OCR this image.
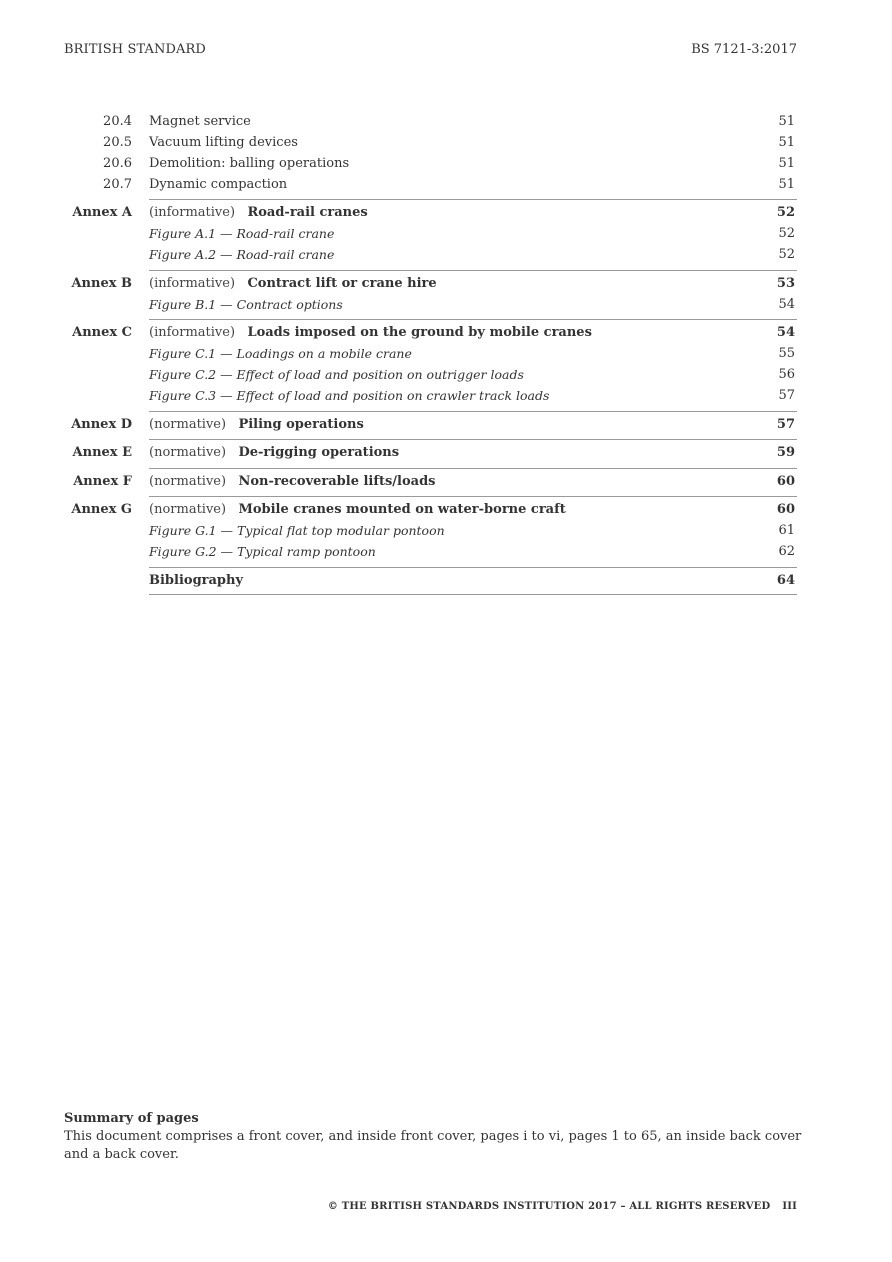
BRITISH STANDARD	BS 7121-3:2017
20.4 Magnet service	51
20.5 Vacuum lifting devices	51
20.6 Demolition: balling operations	51
20.7 Dynamic compaction	51
Annex A (informative) Road-rail cranes	52
Figure A.1 — Road-rail crane	52
Figure A.2 — Road-rail crane	52
Annex B (informative) Contract lift or crane hire	53
Figure B.1 — Contract options	54
Annex C (informative) Loads imposed on the ground by mobile cranes	54
Figure C.1 — Loadings on a mobile crane	55
Figure C.2 — Effect of load and position on outrigger loads	56
Figure C.3 — Effect of load and position on crawler track loads	57
Annex D (normative) Piling operations	57
Annex E (normative) De-rigging operations	59
Annex F (normative) Non-recoverable lifts/loads	60
Annex G (normative) Mobile cranes mounted on water-borne craft	60
Figure G.1 — Typical flat top modular pontoon	61
Figure G.2 — Typical ramp pontoon	62
Bibliography	64
Summary of pages
This document comprises a front cover, and inside front cover, pages i to vi, pages 1 to 65, an inside back cover and a back cover.
© THE BRITISH STANDARDS INSTITUTION 2017 – ALL RIGHTS RESERVED III
